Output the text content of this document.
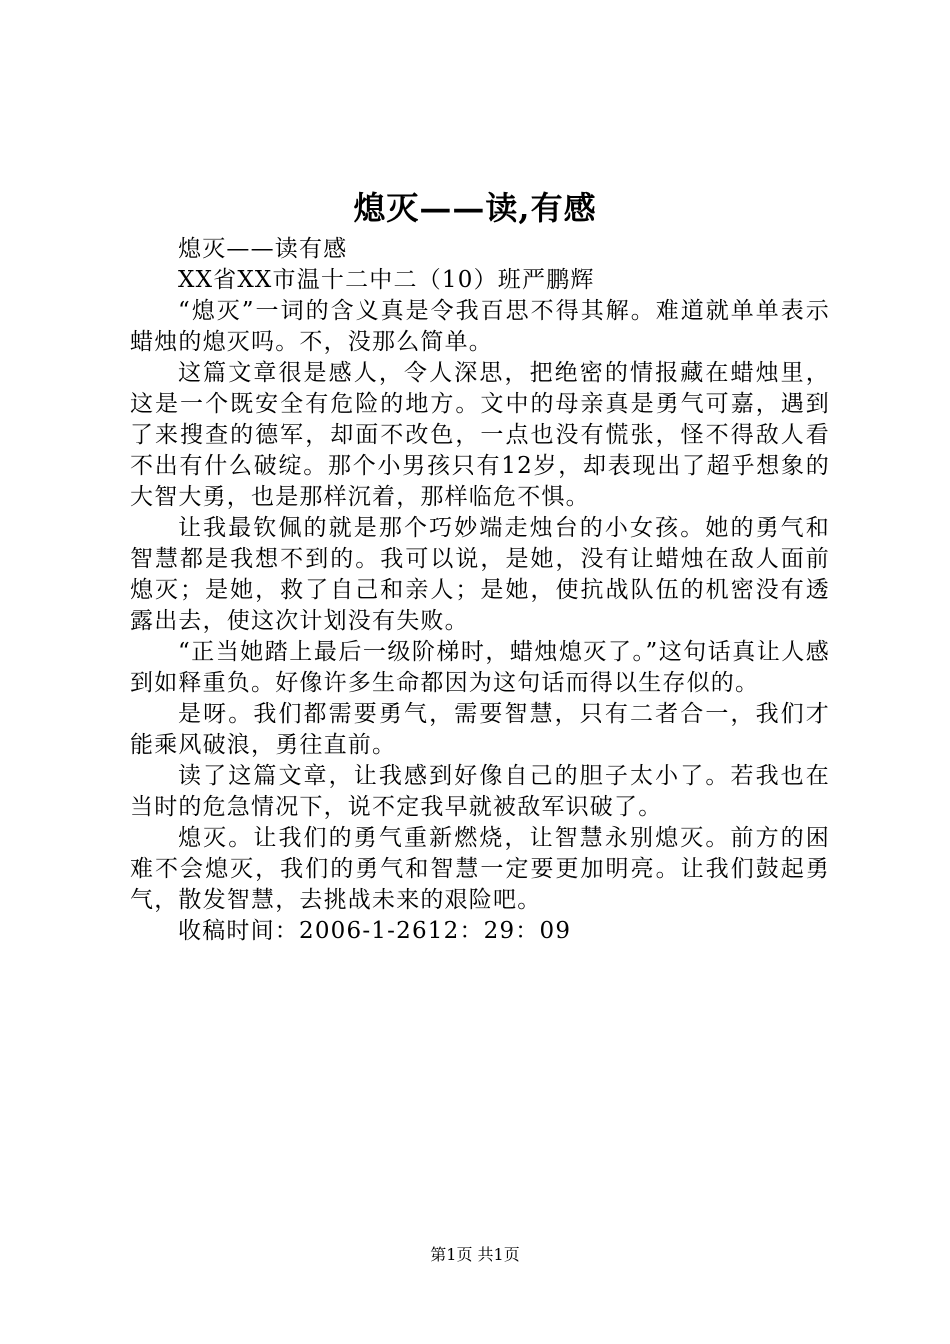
熄灭——读,有感

熄灭——读有感

XX省XX市温十二中二（10）班严鹏辉

“熄灭”一词的含义真是令我百思不得其解。难道就单单表示蜡烛的熄灭吗。不，没那么简单。

这篇文章很是感人，令人深思，把绝密的情报藏在蜡烛里，这是一个既安全有危险的地方。文中的母亲真是勇气可嘉，遇到了来搜查的德军，却面不改色，一点也没有慌张，怪不得敌人看不出有什么破绽。那个小男孩只有12岁，却表现出了超乎想象的大智大勇，也是那样沉着，那样临危不惧。

让我最钦佩的就是那个巧妙端走烛台的小女孩。她的勇气和智慧都是我想不到的。我可以说，是她，没有让蜡烛在敌人面前熄灭；是她，救了自己和亲人；是她，使抗战队伍的机密没有透露出去，使这次计划没有失败。

“正当她踏上最后一级阶梯时，蜡烛熄灭了。”这句话真让人感到如释重负。好像许多生命都因为这句话而得以生存似的。

是呀。我们都需要勇气，需要智慧，只有二者合一，我们才能乘风破浪，勇往直前。

读了这篇文章，让我感到好像自己的胆子太小了。若我也在当时的危急情况下，说不定我早就被敌军识破了。

熄灭。让我们的勇气重新燃烧，让智慧永别熄灭。前方的困难不会熄灭，我们的勇气和智慧一定要更加明亮。让我们鼓起勇气，散发智慧，去挑战未来的艰险吧。

收稿时间：2006-1-2612：29：09

第1页 共1页
